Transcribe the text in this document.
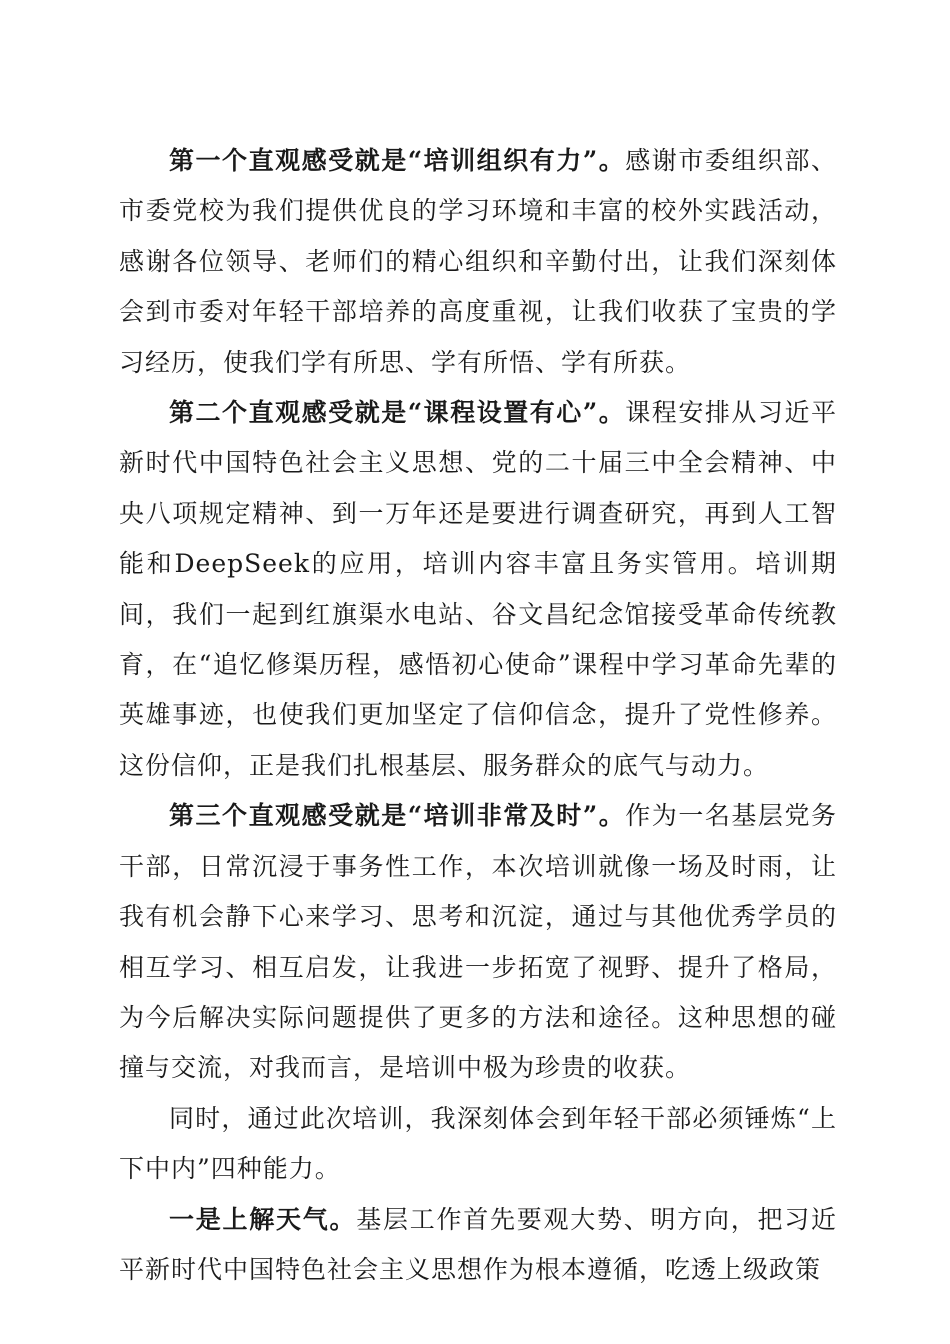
第一个直观感受就是“培训组织有力”。感谢市委组织部、市委党校为我们提供优良的学习环境和丰富的校外实践活动，感谢各位领导、老师们的精心组织和辛勤付出，让我们深刻体会到市委对年轻干部培养的高度重视，让我们收获了宝贵的学习经历，使我们学有所思、学有所悟、学有所获。

第二个直观感受就是“课程设置有心”。课程安排从习近平新时代中国特色社会主义思想、党的二十届三中全会精神、中央八项规定精神、到一万年还是要进行调查研究，再到人工智能和DeepSeek的应用，培训内容丰富且务实管用。培训期间，我们一起到红旗渠水电站、谷文昌纪念馆接受革命传统教育，在“追忆修渠历程，感悟初心使命”课程中学习革命先辈的英雄事迹，也使我们更加坚定了信仰信念，提升了党性修养。这份信仰，正是我们扎根基层、服务群众的底气与动力。

第三个直观感受就是“培训非常及时”。作为一名基层党务干部，日常沉浸于事务性工作，本次培训就像一场及时雨，让我有机会静下心来学习、思考和沉淀，通过与其他优秀学员的相互学习、相互启发，让我进一步拓宽了视野、提升了格局，为今后解决实际问题提供了更多的方法和途径。这种思想的碰撞与交流，对我而言，是培训中极为珍贵的收获。

同时，通过此次培训，我深刻体会到年轻干部必须锤炼“上下中内”四种能力。

一是上解天气。基层工作首先要观大势、明方向，把习近平新时代中国特色社会主义思想作为根本遵循，吃透上级政策
